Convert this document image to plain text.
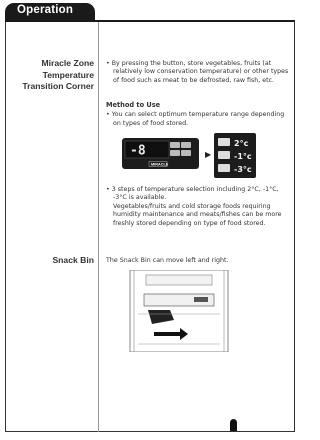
Operation
Miracle Zone
Temperature
Transition Corner

• By pressing the button, store vegetables, fruits (at relatively low conservation temperature) or other types of food such as meat to be defrosted, raw fish, etc.

Method to Use

• You can select optimum temperature range depending on types of food stored.

-8
MIRACLE
▶
2°c
-1°c
-3°c

• 3 steps of temperature selection including 2°C, -1°C, -3°C is available.

Vegetables/fruits and cold storage foods requiring humidity maintenance and meats/fishes can be more freshly stored depending on type of food stored.

Snack Bin The Snack Bin can move left and right.
